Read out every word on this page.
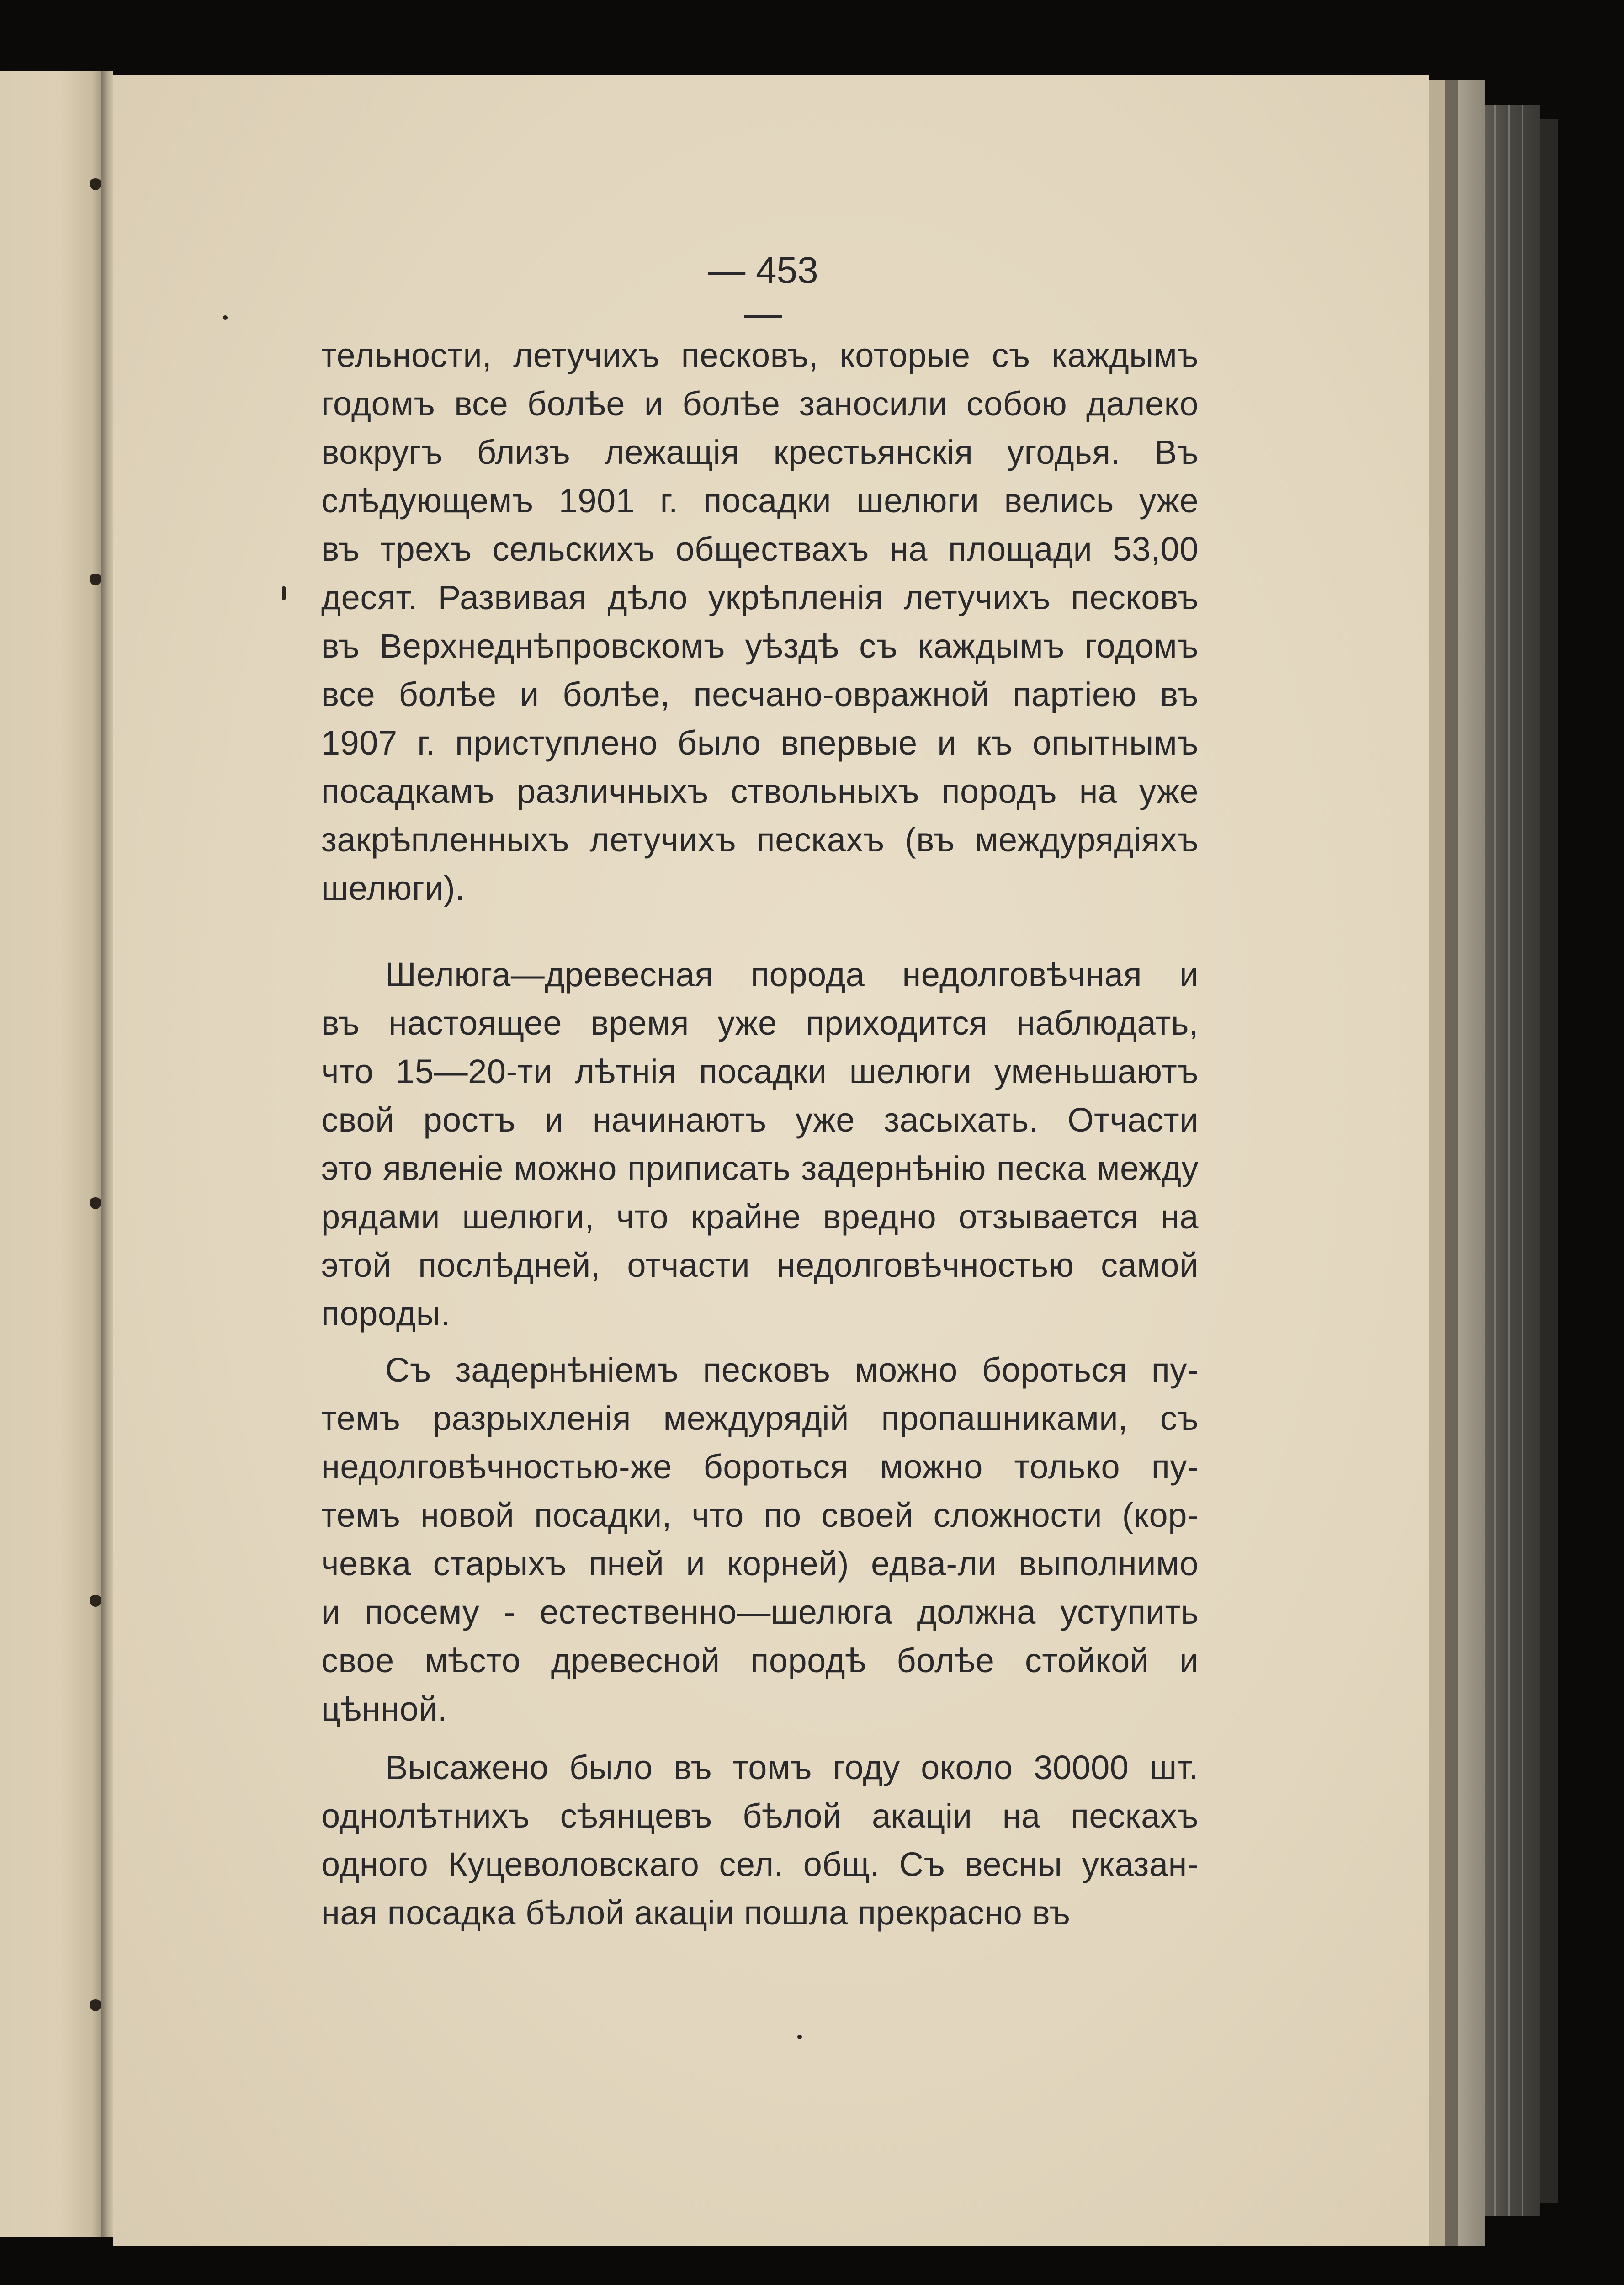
— 453 —
тельности, летучихъ песковъ, которые съ каждымъ
годомъ все болѣе и болѣе заносили собою далеко
вокругъ близъ лежащія крестьянскія угодья. Въ
слѣдующемъ 1901 г. посадки шелюги велись уже
въ трехъ сельскихъ обществахъ на площади 53,00
десят. Развивая дѣло укрѣпленія летучихъ песковъ
въ Верхнеднѣпровскомъ уѣздѣ съ каждымъ годомъ
все болѣе и болѣе, песчано-овражной партіею въ
1907 г. приступлено было впервые и къ опытнымъ
посадкамъ различныхъ ствольныхъ породъ на уже
закрѣпленныхъ летучихъ пескахъ (въ междурядіяхъ
шелюги).
Шелюга—древесная порода недолговѣчная и
въ настоящее время уже приходится наблюдать,
что 15—20-ти лѣтнія посадки шелюги уменьшаютъ
свой ростъ и начинаютъ уже засыхать. Отчасти
это явленіе можно приписать задернѣнію песка между
рядами шелюги, что крайне вредно отзывается на
этой послѣдней, отчасти недолговѣчностью самой
породы.
Съ задернѣніемъ песковъ можно бороться пу-
темъ разрыхленія междурядій пропашниками, съ
недолговѣчностью-же бороться можно только пу-
темъ новой посадки, что по своей сложности (кор-
чевка старыхъ пней и корней) едва-ли выполнимо
и посему - естественно—шелюга должна уступить
свое мѣсто древесной породѣ болѣе стойкой и
цѣнной.
Высажено было въ томъ году около 30000 шт.
однолѣтнихъ сѣянцевъ бѣлой акаціи на пескахъ
одного Куцеволовскаго сел. общ. Съ весны указан-
ная посадка бѣлой акаціи пошла прекрасно въ
